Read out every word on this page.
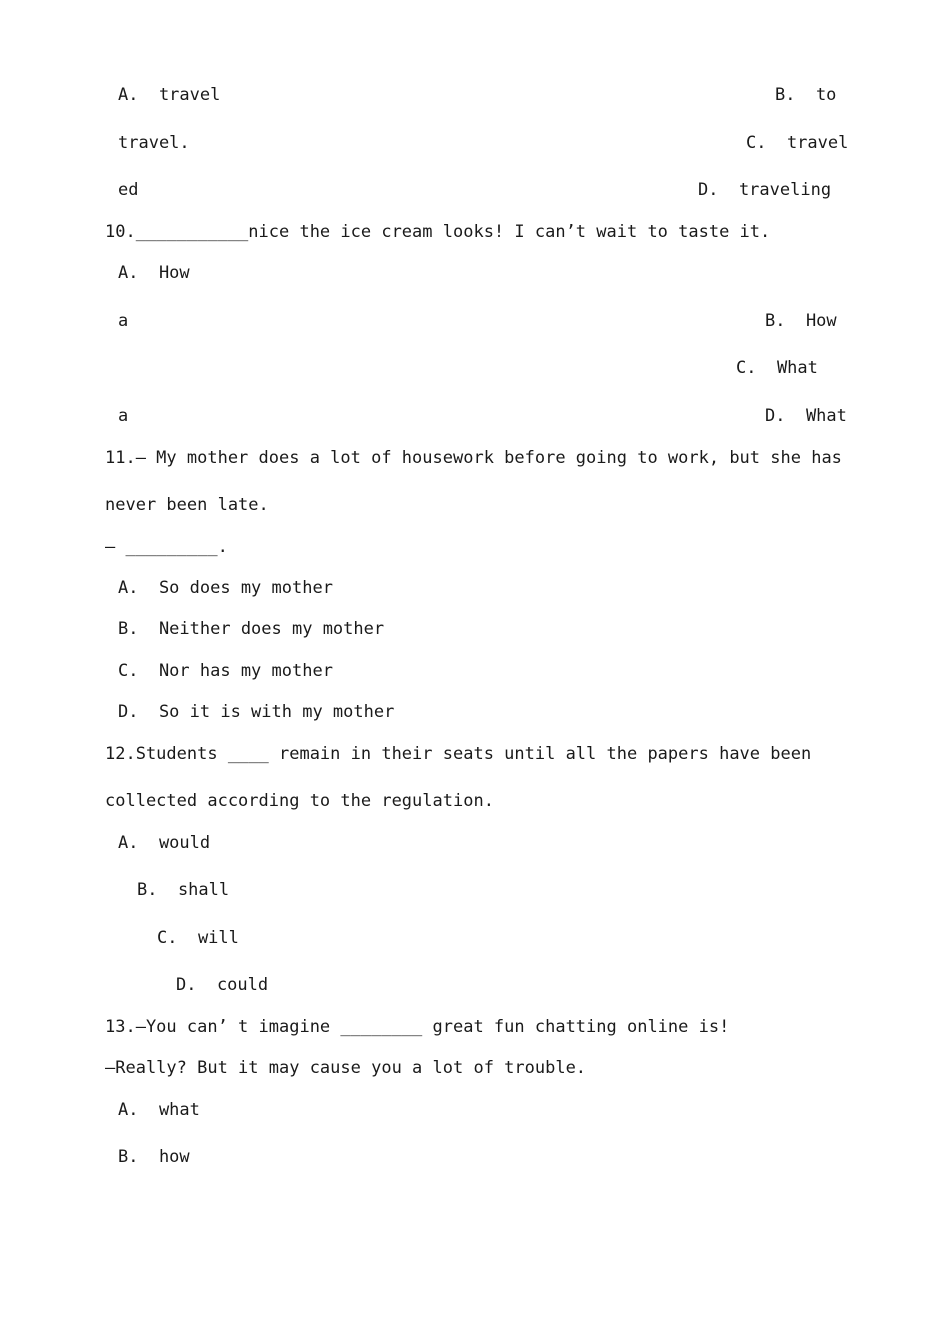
A.  travel	B.  to
travel.	C.  travel
ed	D.  traveling
10.___________nice the ice cream looks! I can’t wait to taste it.
A.  How
a	B.  How
C.  What
a	D.  What
11.— My mother does a lot of housework before going to work, but she has
never been late.
— _________.
A.  So does my mother
B.  Neither does my mother
C.  Nor has my mother
D.  So it is with my mother
12.Students ____ remain in their seats until all the papers have been
collected according to the regulation.
A.  would
B.  shall
C.  will
D.  could
13.—You can’ t imagine ________ great fun chatting online is!
—Really? But it may cause you a lot of trouble.
A.  what
B.  how
